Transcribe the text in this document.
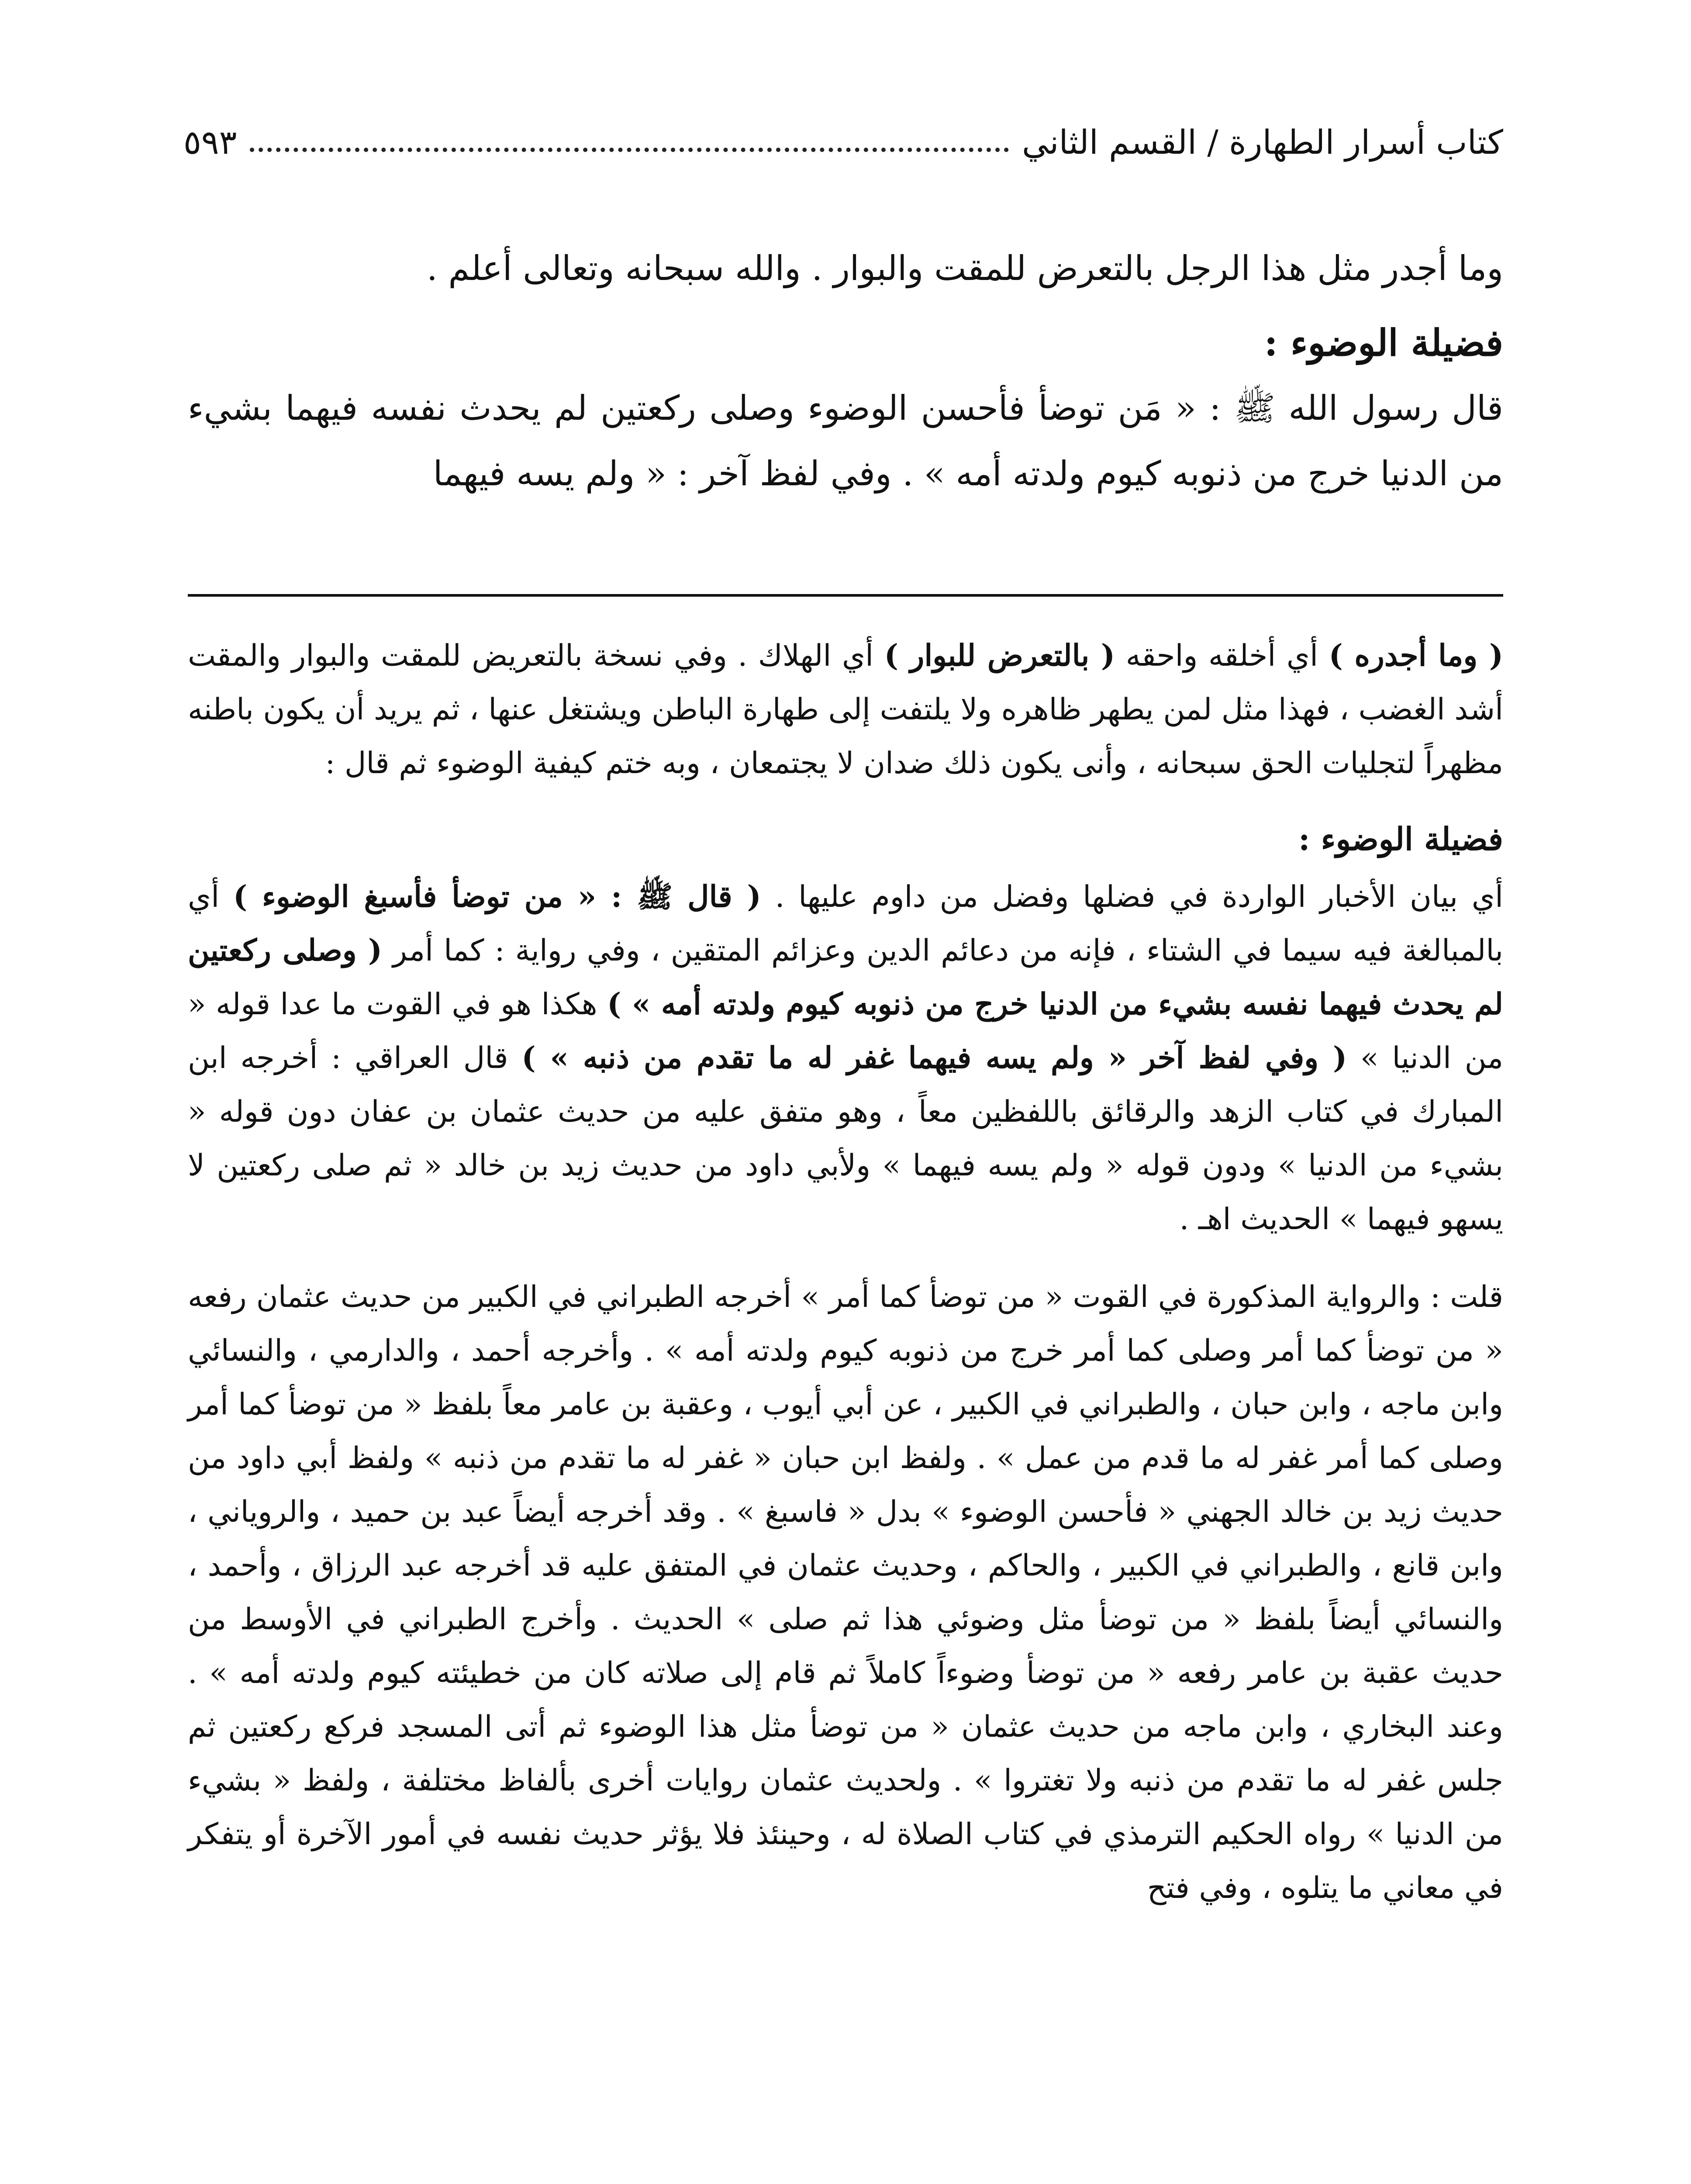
كتاب أسرار الطهارة / القسم الثاني
٥٩٣

وما أجدر مثل هذا الرجل بالتعرض للمقت والبوار . والله سبحانه وتعالى أعلم .

فضيلة الوضوء :

قال رسول الله ﷺ : « مَن توضأ فأحسن الوضوء وصلى ركعتين لم يحدث نفسه فيهما بشيء من الدنيا خرج من ذنوبه كيوم ولدته أمه » . وفي لفظ آخر : « ولم يسه فيهما

( وما أجدره ) أي أخلقه واحقه ( بالتعرض للبوار ) أي الهلاك . وفي نسخة بالتعريض للمقت والبوار والمقت أشد الغضب ، فهذا مثل لمن يطهر ظاهره ولا يلتفت إلى طهارة الباطن ويشتغل عنها ، ثم يريد أن يكون باطنه مظهراً لتجليات الحق سبحانه ، وأنى يكون ذلك ضدان لا يجتمعان ، وبه ختم كيفية الوضوء ثم قال :

فضيلة الوضوء :

أي بيان الأخبار الواردة في فضلها وفضل من داوم عليها . ( قال ﷺ : « من توضأ فأسبغ الوضوء ) أي بالمبالغة فيه سيما في الشتاء ، فإنه من دعائم الدين وعزائم المتقين ، وفي رواية : كما أمر ( وصلى ركعتين لم يحدث فيهما نفسه بشيء من الدنيا خرج من ذنوبه كيوم ولدته أمه » ) هكذا هو في القوت ما عدا قوله « من الدنيا » ( وفي لفظ آخر « ولم يسه فيهما غفر له ما تقدم من ذنبه » ) قال العراقي : أخرجه ابن المبارك في كتاب الزهد والرقائق باللفظين معاً ، وهو متفق عليه من حديث عثمان بن عفان دون قوله « بشيء من الدنيا » ودون قوله « ولم يسه فيهما » ولأبي داود من حديث زيد بن خالد « ثم صلى ركعتين لا يسهو فيهما » الحديث اهـ .

قلت : والرواية المذكورة في القوت « من توضأ كما أمر » أخرجه الطبراني في الكبير من حديث عثمان رفعه « من توضأ كما أمر وصلى كما أمر خرج من ذنوبه كيوم ولدته أمه » . وأخرجه أحمد ، والدارمي ، والنسائي وابن ماجه ، وابن حبان ، والطبراني في الكبير ، عن أبي أيوب ، وعقبة بن عامر معاً بلفظ « من توضأ كما أمر وصلى كما أمر غفر له ما قدم من عمل » . ولفظ ابن حبان « غفر له ما تقدم من ذنبه » ولفظ أبي داود من حديث زيد بن خالد الجهني « فأحسن الوضوء » بدل « فاسبغ » . وقد أخرجه أيضاً عبد بن حميد ، والروياني ، وابن قانع ، والطبراني في الكبير ، والحاكم ، وحديث عثمان في المتفق عليه قد أخرجه عبد الرزاق ، وأحمد ، والنسائي أيضاً بلفظ « من توضأ مثل وضوئي هذا ثم صلى » الحديث . وأخرج الطبراني في الأوسط من حديث عقبة بن عامر رفعه « من توضأ وضوءاً كاملاً ثم قام إلى صلاته كان من خطيئته كيوم ولدته أمه » . وعند البخاري ، وابن ماجه من حديث عثمان « من توضأ مثل هذا الوضوء ثم أتى المسجد فركع ركعتين ثم جلس غفر له ما تقدم من ذنبه ولا تغتروا » . ولحديث عثمان روايات أخرى بألفاظ مختلفة ، ولفظ « بشيء من الدنيا » رواه الحكيم الترمذي في كتاب الصلاة له ، وحينئذ فلا يؤثر حديث نفسه في أمور الآخرة أو يتفكر في معاني ما يتلوه ، وفي فتح
